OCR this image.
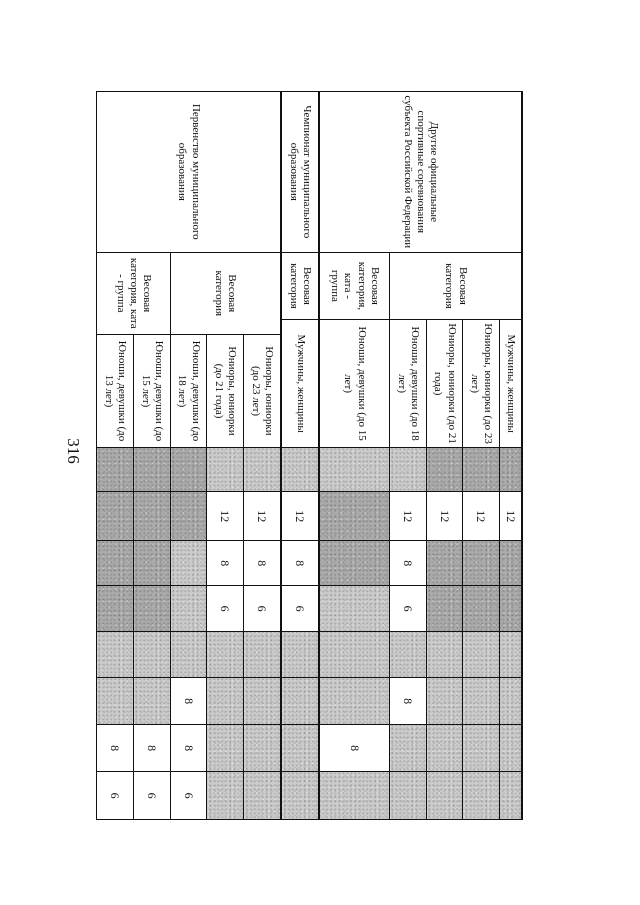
316
Другие официальные спортивные соревнования субъекта Российской Федерации	Весовая категория	Мужчины, женщины			12						
		Юниоры, юниорки (до 23 лет)			12						
		Юниоры, юниорки (до 21 года)			12						
		Юноши, девушки (до 18 лет)			12	8	6		8		
	Весовая категория, ката - группа	Юноши, девушки (до 15 лет)								8	
Чемпионат муниципального образования	Весовая категория	Мужчины, женщины			12	8	6				
Первенство муниципального образования	Весовая категория		Юниоры, юниорки (до 23 лет)		12	8	6				
			Юниоры, юниорки (до 21 года)		12	8	6				
			Юноши, девушки (до 18 лет)						8	8	6
	Весовая категория, ката - группа		Юноши, девушки (до 15 лет)							8	6
			Юноши, девушки (до 13 лет)							8	6
